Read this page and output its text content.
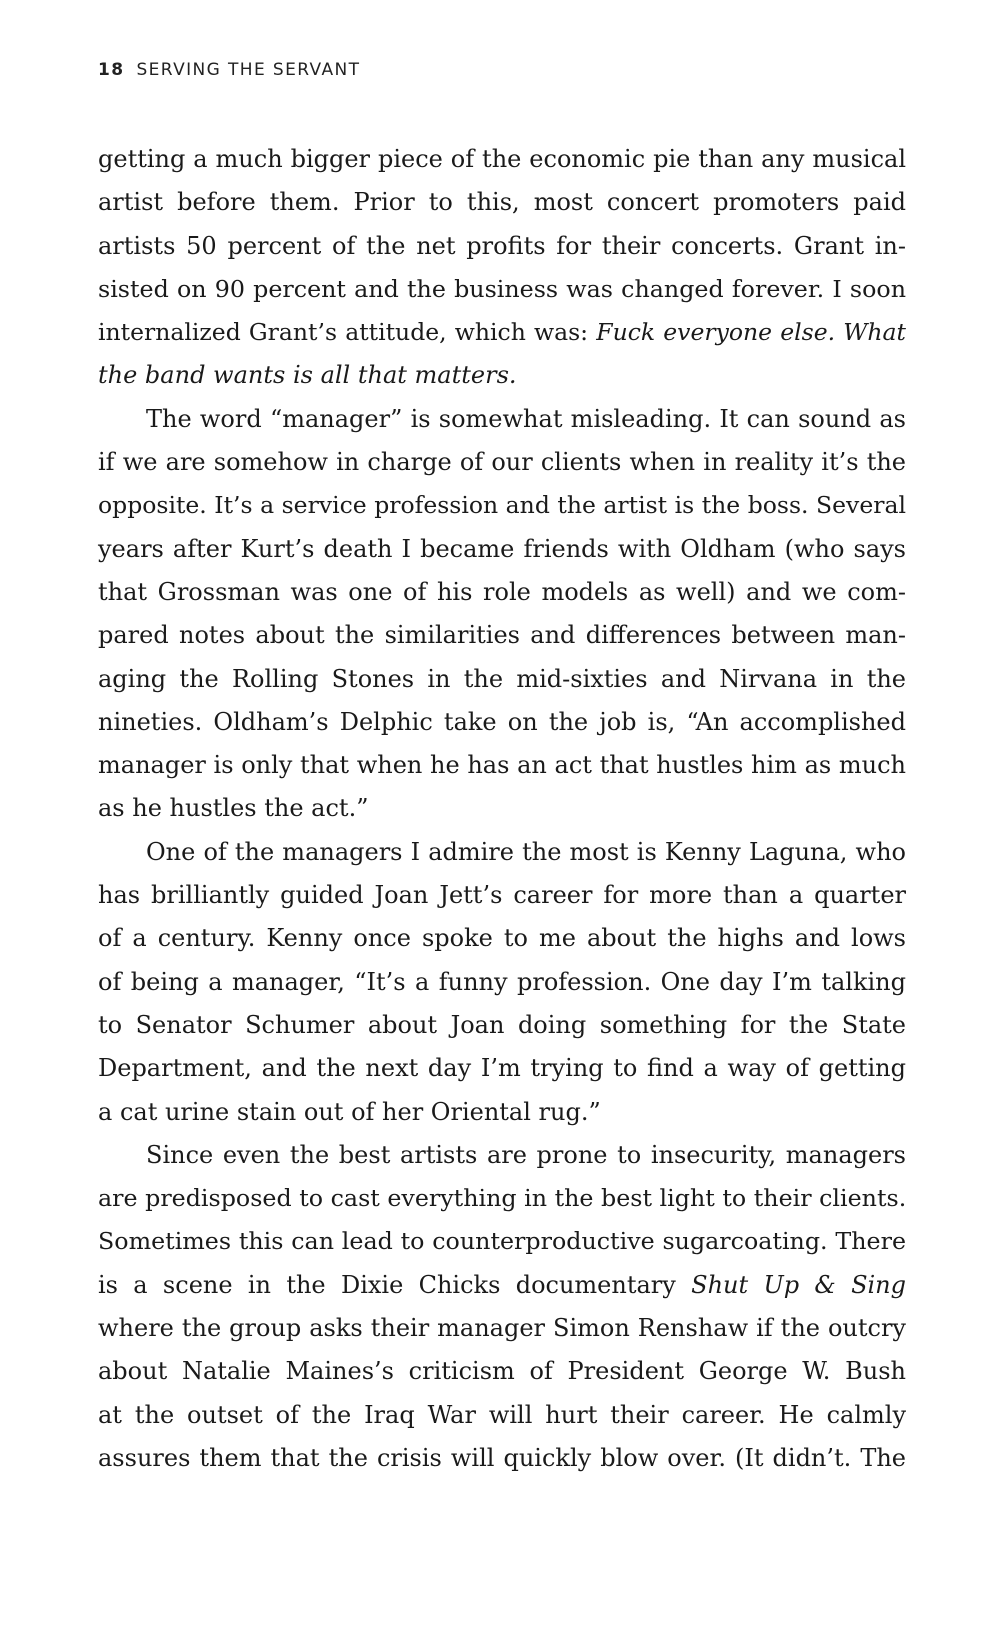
18 SERVING THE SERVANT
getting a much bigger piece of the economic pie than any musical
artist before them. Prior to this, most concert promoters paid
artists 50 percent of the net profits for their concerts. Grant in-
sisted on 90 percent and the business was changed forever. I soon
internalized Grant’s attitude, which was: Fuck everyone else. What
the band wants is all that matters.
The word “manager” is somewhat misleading. It can sound as
if we are somehow in charge of our clients when in reality it’s the
opposite. It’s a service profession and the artist is the boss. Several
years after Kurt’s death I became friends with Oldham (who says
that Grossman was one of his role models as well) and we com-
pared notes about the similarities and differences between man-
aging the Rolling Stones in the mid-sixties and Nirvana in the
nineties. Oldham’s Delphic take on the job is, “An accomplished
manager is only that when he has an act that hustles him as much
as he hustles the act.”
One of the managers I admire the most is Kenny Laguna, who
has brilliantly guided Joan Jett’s career for more than a quarter
of a century. Kenny once spoke to me about the highs and lows
of being a manager, “It’s a funny profession. One day I’m talking
to Senator Schumer about Joan doing something for the State
Department, and the next day I’m trying to find a way of getting
a cat urine stain out of her Oriental rug.”
Since even the best artists are prone to insecurity, managers
are predisposed to cast everything in the best light to their clients.
Sometimes this can lead to counterproductive sugarcoating. There
is a scene in the Dixie Chicks documentary Shut Up & Sing
where the group asks their manager Simon Renshaw if the outcry
about Natalie Maines’s criticism of President George W. Bush
at the outset of the Iraq War will hurt their career. He calmly
assures them that the crisis will quickly blow over. (It didn’t. The
